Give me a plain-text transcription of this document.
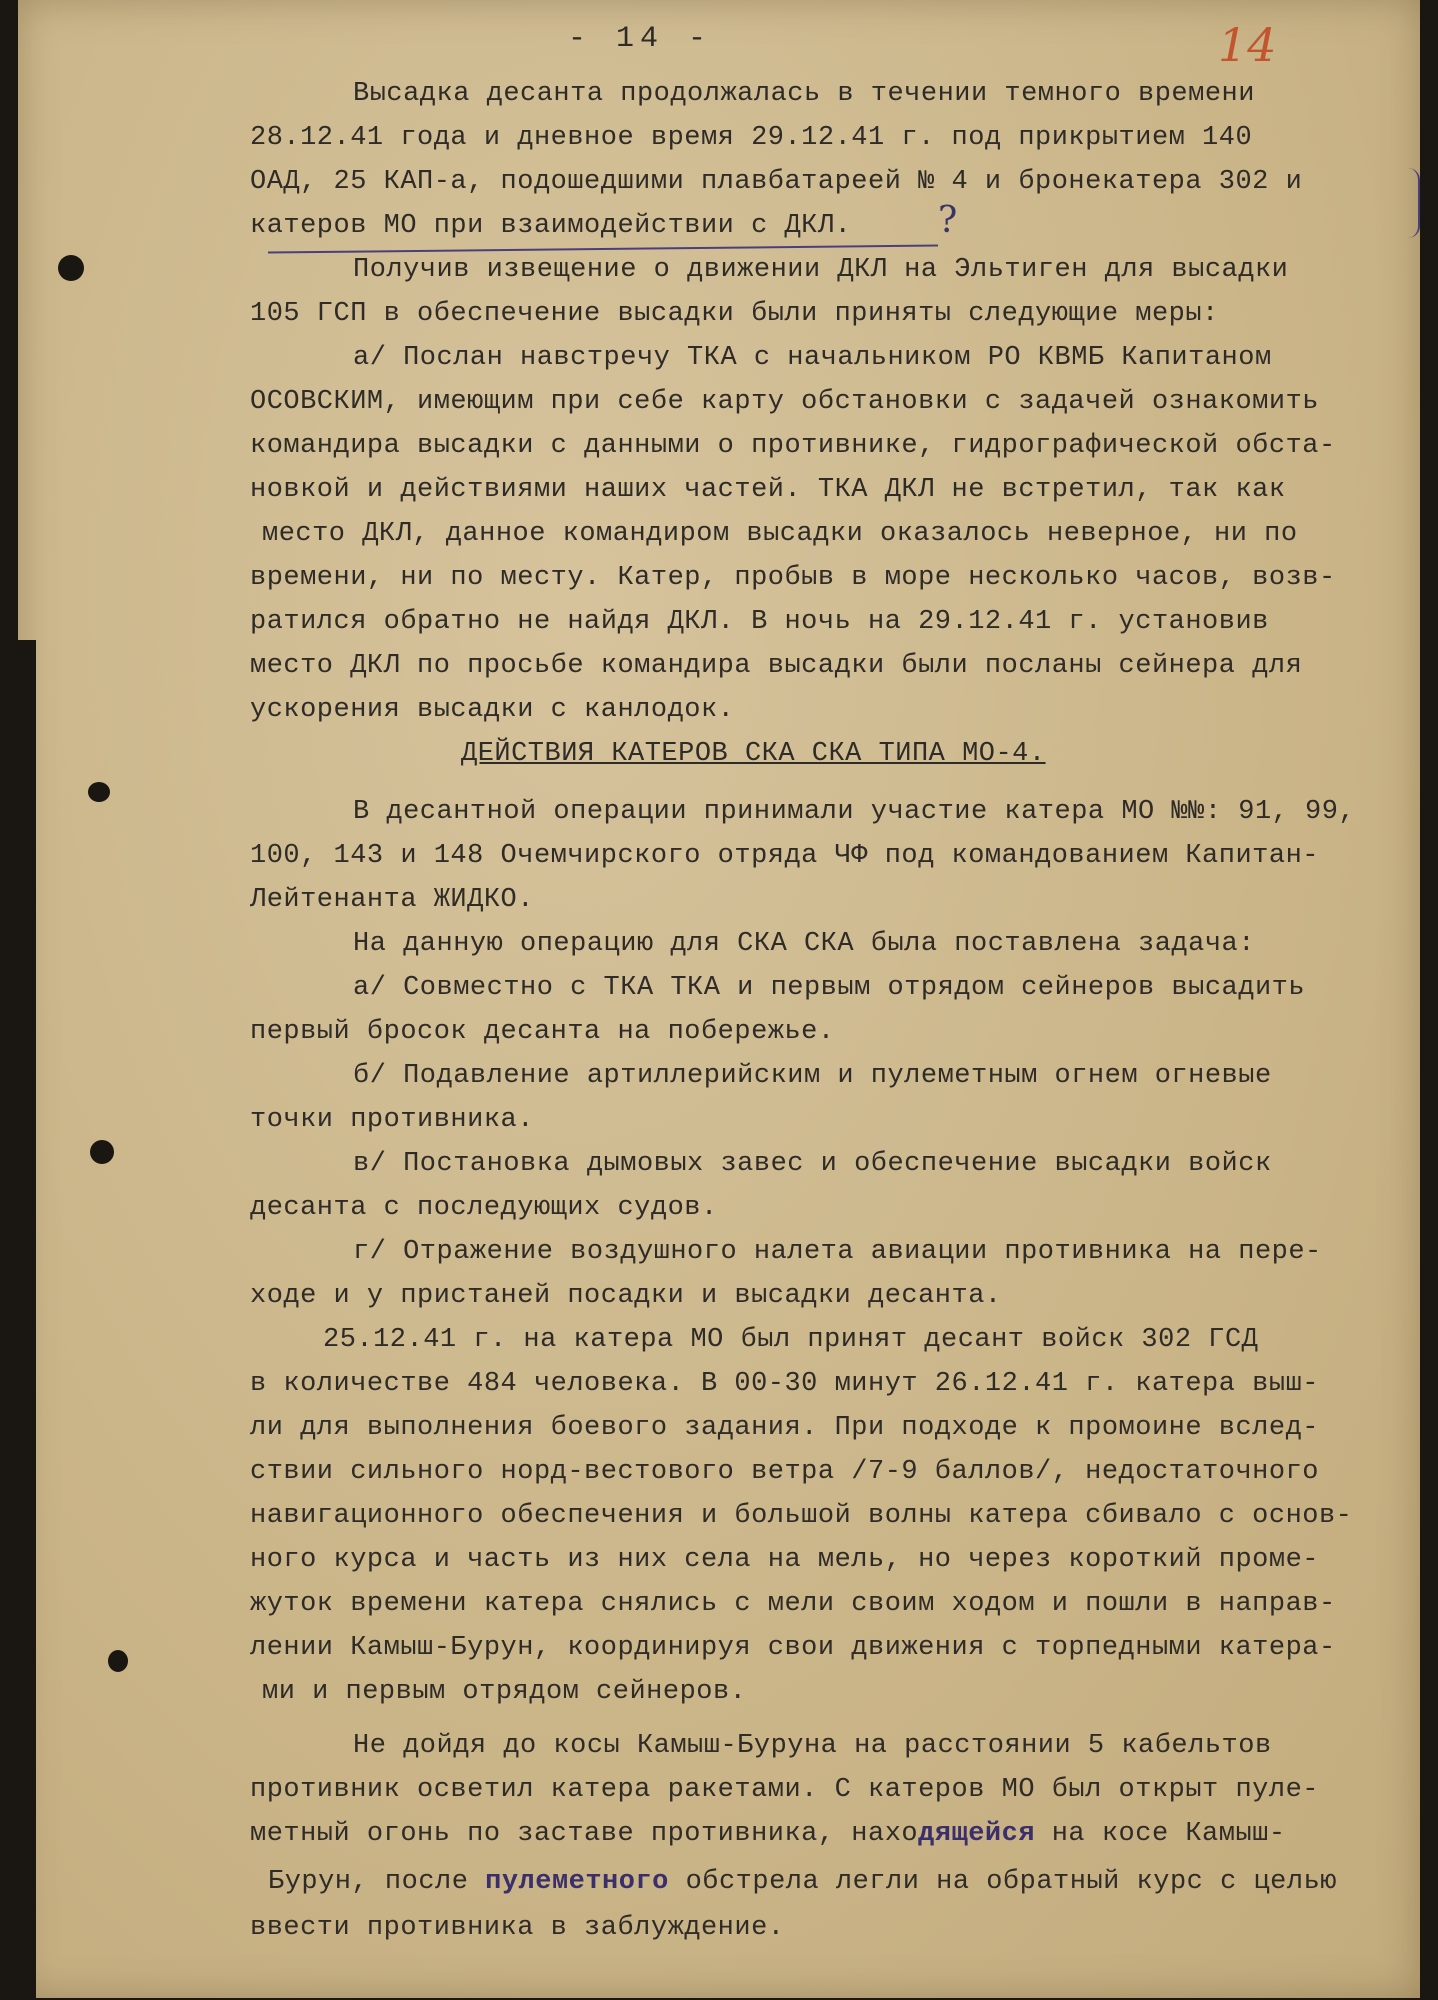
- 14 -	14
Высадка десанта продолжалась в течении темного времени
28.12.41 года и дневное время 29.12.41 г. под прикрытием 140
ОАД, 25 КАП-а, подошедшими плавбатареей № 4 и бронекатера 302 и
катеров МО при взаимодействии с ДКЛ. ?
Получив извещение о движении ДКЛ на Эльтиген для высадки
105 ГСП в обеспечение высадки были приняты следующие меры:
а/ Послан навстречу ТКА с начальником РО КВМБ Капитаном
ОСОВСКИМ, имеющим при себе карту обстановки с задачей ознакомить
командира высадки с данными о противнике, гидрографической обста-
новкой и действиями наших частей. ТКА ДКЛ не встретил, так как
место ДКЛ, данное командиром высадки оказалось неверное, ни по
времени, ни по месту. Катер, пробыв в море несколько часов, возв-
ратился обратно не найдя ДКЛ. В ночь на 29.12.41 г. установив
место ДКЛ по просьбе командира высадки были посланы сейнера для
ускорения высадки с канлодок.
ДЕЙСТВИЯ КАТЕРОВ СКА СКА ТИПА МО-4.
В десантной операции принимали участие катера МО №№: 91, 99,
100, 143 и 148 Очемчирского отряда ЧФ под командованием Капитан-
Лейтенанта ЖИДКО.
На данную операцию для СКА СКА была поставлена задача:
а/ Совместно с ТКА ТКА и первым отрядом сейнеров высадить
первый бросок десанта на побережье.
б/ Подавление артиллерийским и пулеметным огнем огневые
точки противника.
в/ Постановка дымовых завес и обеспечение высадки войск
десанта с последующих судов.
г/ Отражение воздушного налета авиации противника на пере-
ходе и у пристаней посадки и высадки десанта.
25.12.41 г. на катера МО был принят десант войск 302 ГСД
в количестве 484 человека. В 00-30 минут 26.12.41 г. катера выш-
ли для выполнения боевого задания. При подходе к промоине вслед-
ствии сильного норд-вестового ветра /7-9 баллов/, недостаточного
навигационного обеспечения и большой волны катера сбивало с основ-
ного курса и часть из них села на мель, но через короткий проме-
жуток времени катера снялись с мели своим ходом и пошли в направ-
лении Камыш-Бурун, координируя свои движения с торпедными катера-
ми и первым отрядом сейнеров.
Не дойдя до косы Камыш-Буруна на расстоянии 5 кабельтов
противник осветил катера ракетами. С катеров МО был открыт пуле-
метный огонь по заставе противника, находящейся на косе Камыш-
Бурун, после пулеметного обстрела легли на обратный курс с целью
ввести противника в заблуждение.
